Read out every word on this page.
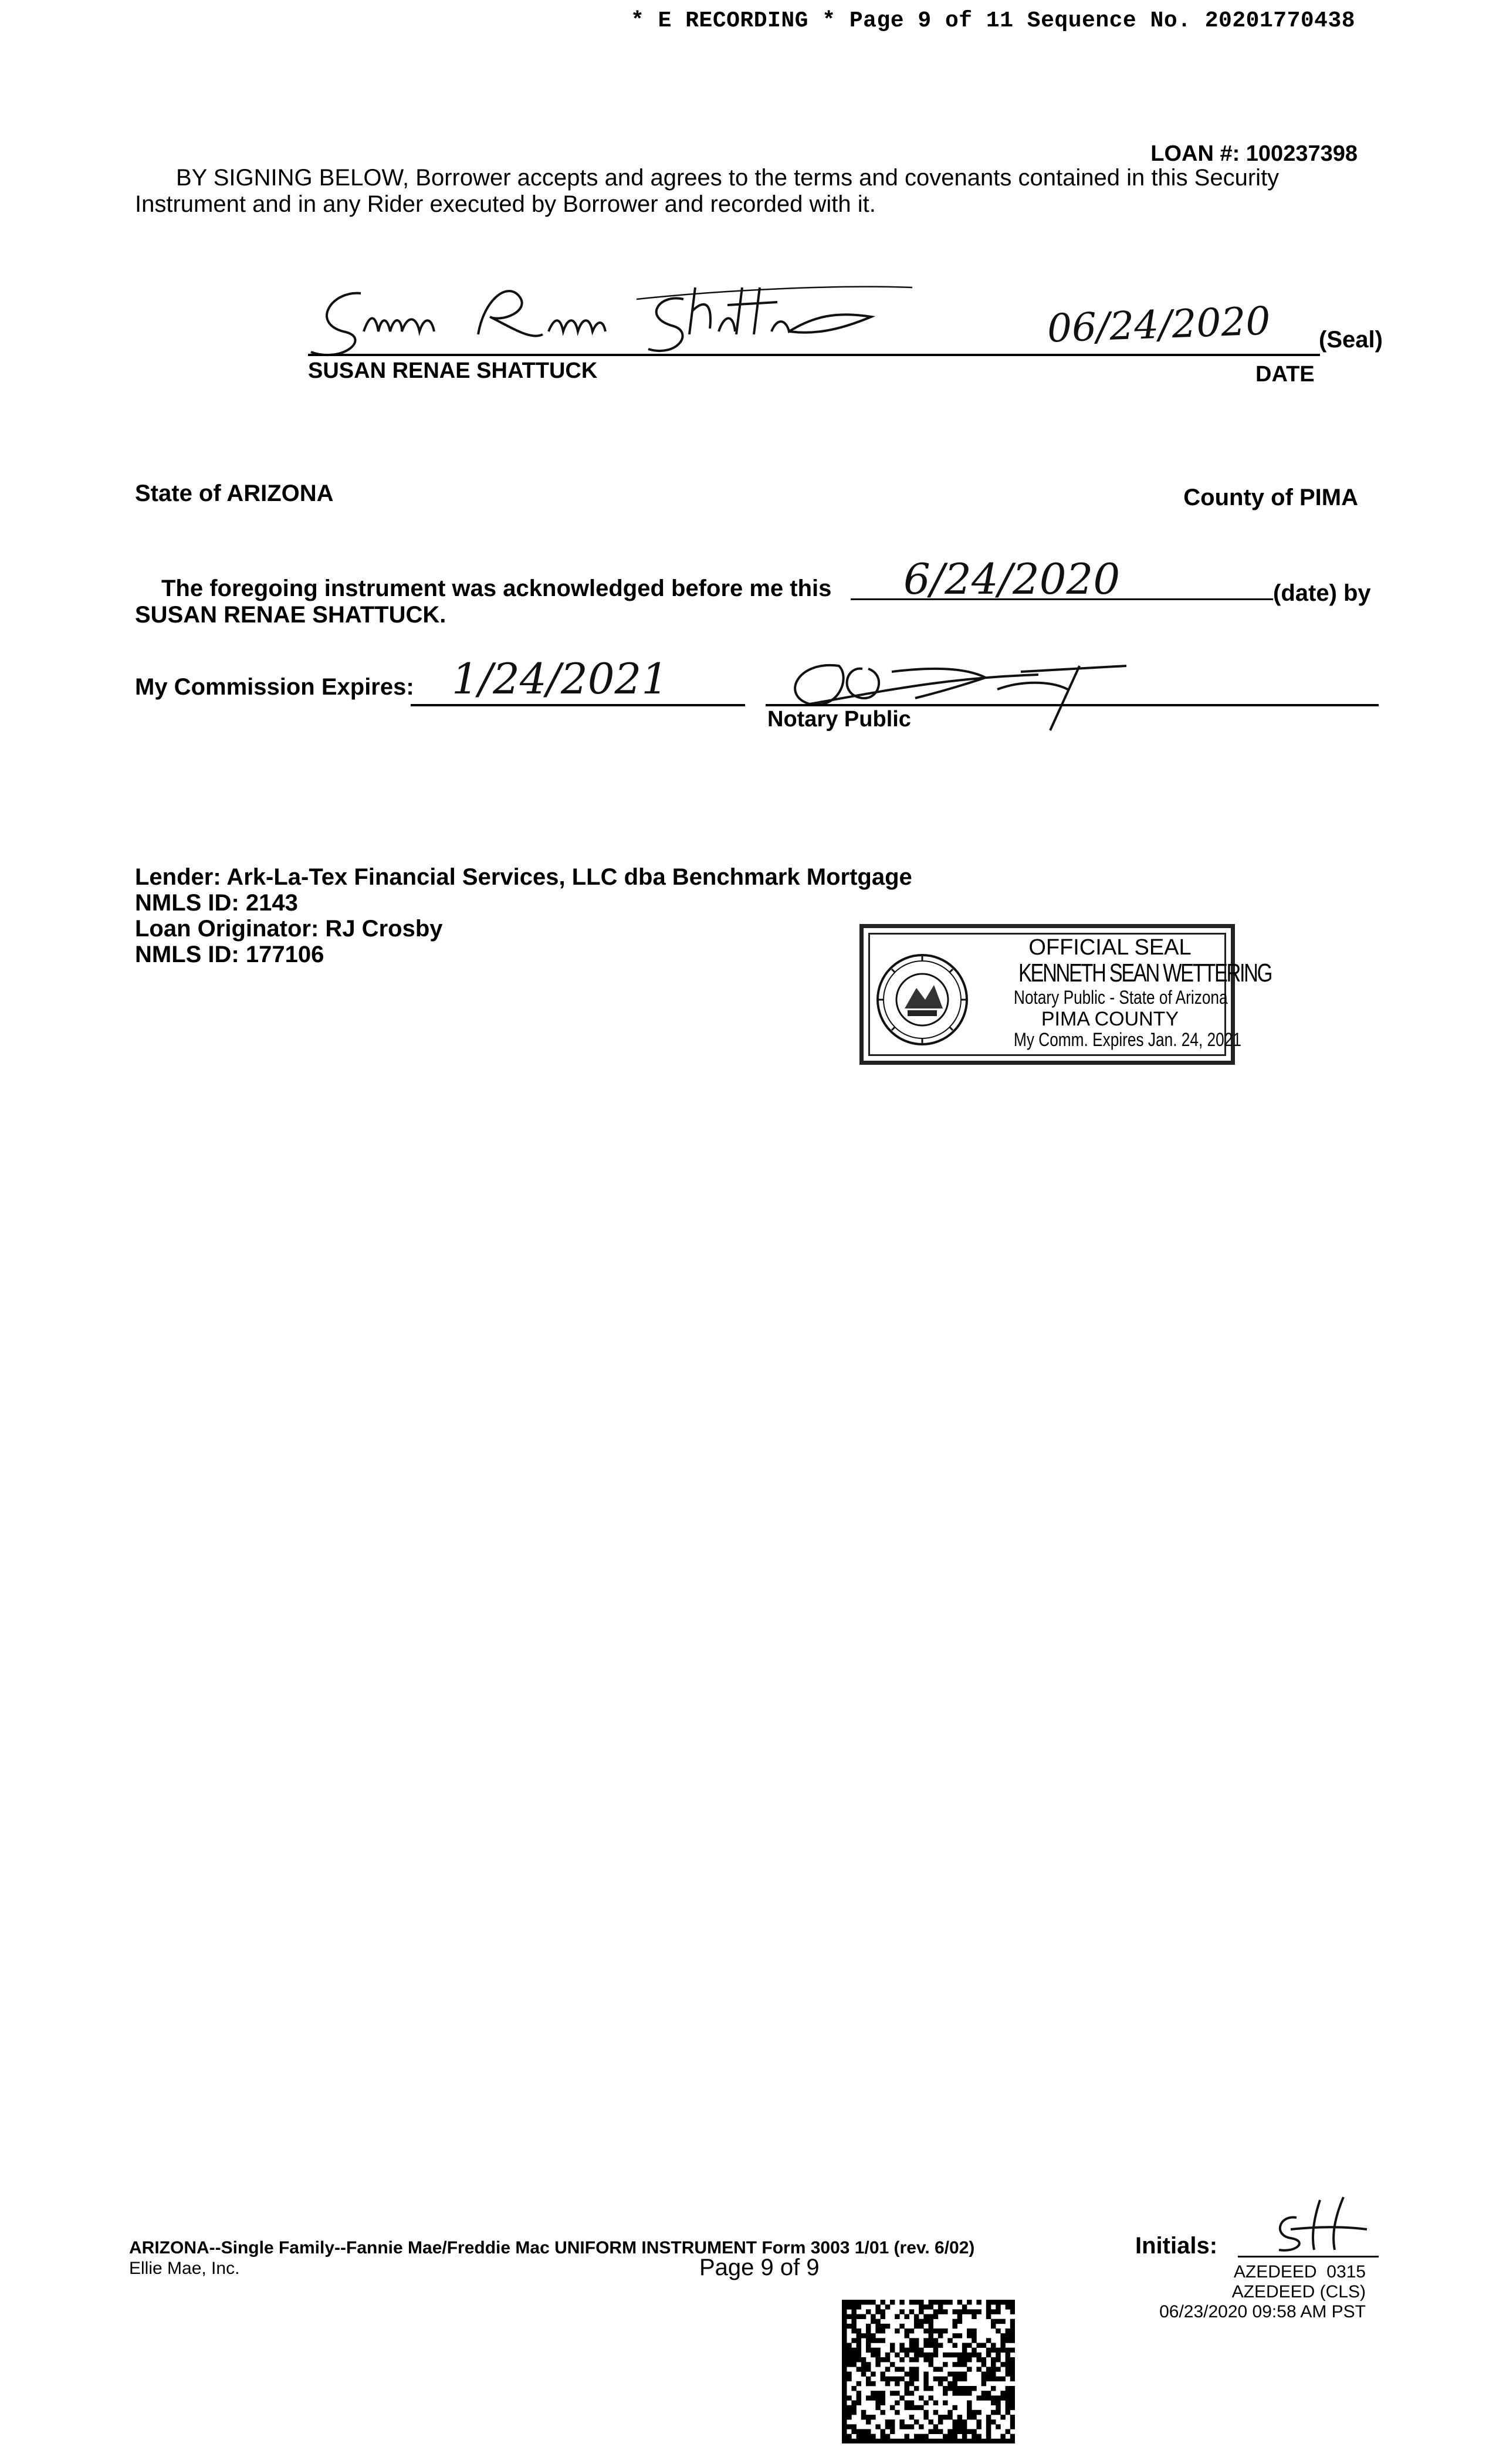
* E RECORDING * Page 9 of 11 Sequence No. 20201770438
LOAN #: 100237398
BY SIGNING BELOW, Borrower accepts and agrees to the terms and covenants contained in this Security
Instrument and in any Rider executed by Borrower and recorded with it.
06/24/2020 (Seal)
SUSAN RENAE SHATTUCK	DATE
State of ARIZONA	County of PIMA
The foregoing instrument was acknowledged before me this 6/24/2020	(date) by
SUSAN RENAE SHATTUCK.
My Commission Expires: 1/24/2021
Notary Public
Lender: Ark-La-Tex Financial Services, LLC dba Benchmark Mortgage
NMLS ID: 2143
Loan Originator: RJ Crosby
NMLS ID: 177106	OFFICIAL SEAL
KENNETH SEAN WETTERING
Notary Public - State of Arizona
PIMA COUNTY
My Comm. Expires Jan. 24, 2021
ARIZONA--Single Family--Fannie Mae/Freddie Mac UNIFORM INSTRUMENT Form 3003 1/01 (rev. 6/02)
Ellie Mae, Inc.	Page 9 of 9
Initials:
AZEDEED  0315
AZEDEED (CLS)
06/23/2020 09:58 AM PST
